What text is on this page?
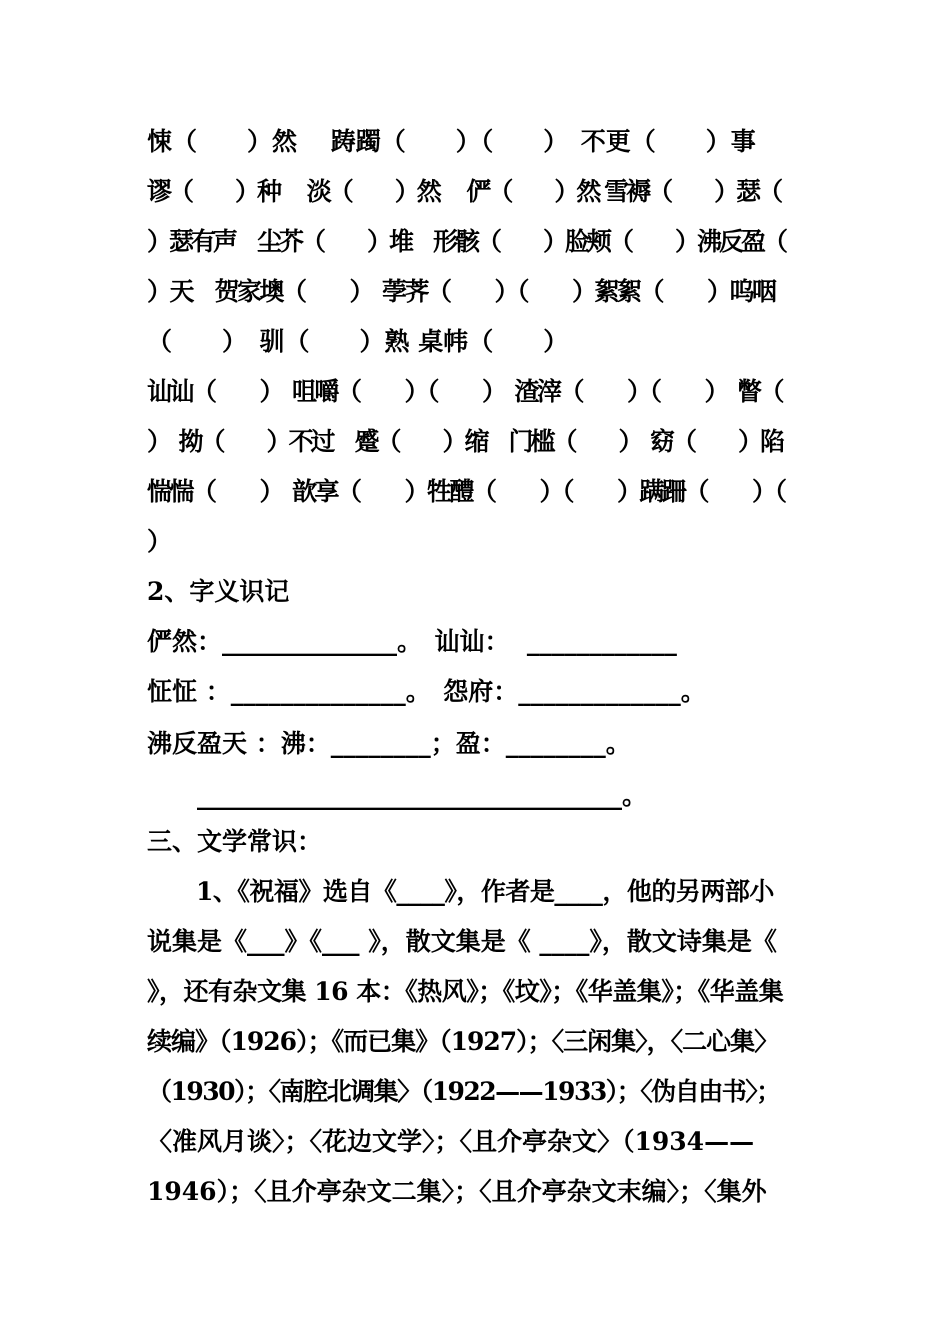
悚（　　）然　 踌躅（　　）（　　）　不更（　　）事
谬（　　）种　 淡（　　）然　 俨（　　）然 雪褥（　　）瑟（
）瑟有声　尘芥（　　）堆　形骸（　　）脸颊（　　）沸反盈（
）天　贺家墺（　　）　荸荠（　　）（　　）絮絮（　　）呜咽
（　　）　驯（　　）熟 桌帏（　　）
讪讪（　　）　咀嚼（　　）（　　）　渣滓（　　）（　　）　瞥（
）　拗（　　）不过　蹙（　　）缩　门槛（　　）　窈（　　）陷
惴惴（　　）　歆享（　　）牲醴（　　）（　　）蹒跚（　　）（
）
2、字义识记
俨然：______________。　讪讪：  ____________
怔怔 ：______________。　怨府：_____________。
沸反盈天 ：沸：________；盈：________。
　　__________________________________。
三、文学常识：
　　1、《祝福》选自《____》，作者是____，他的另两部小
说集是《___》《___ 》，散文集是《 ____》，散文诗集是《
》，还有杂文集 16 本：《热风》；《坟》；《华盖集》；《华盖集
续编》（1926）；《而已集》（1927）；〈三闲集〉，〈二心集〉
（1930）；〈南腔北调集〉（1922——1933）；〈伪自由书〉；
〈准风月谈〉；〈花边文学〉；〈且介亭杂文〉（1934——
1946）；〈且介亭杂文二集〉；〈且介亭杂文末编〉；〈集外
